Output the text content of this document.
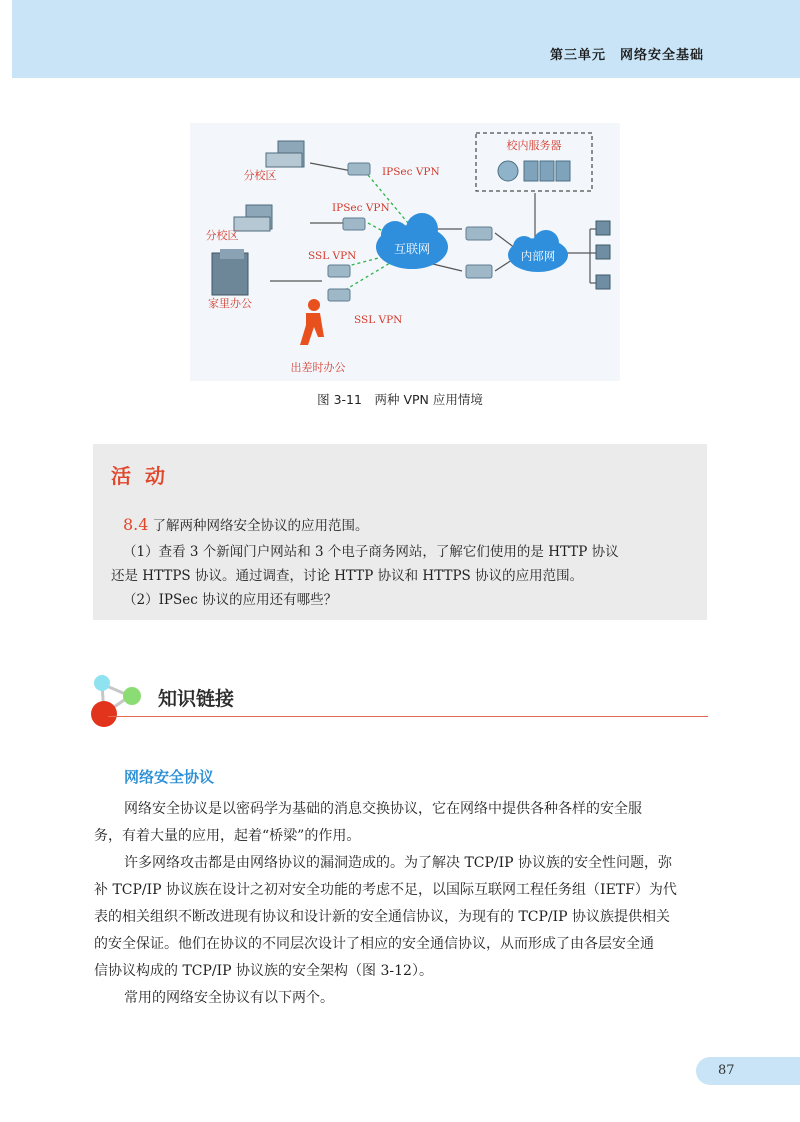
第三单元 网络安全基础
互联网	内部网
校内服务器
分校区
分校区
家里办公
出差时办公
IPSec VPN
IPSec VPN
SSL VPN
SSL VPN
图 3-11　两种 VPN 应用情境
活动
8.4 了解两种网络安全协议的应用范围。
（1）查看 3 个新闻门户网站和 3 个电子商务网站，了解它们使用的是 HTTP 协议
还是 HTTPS 协议。通过调查，讨论 HTTP 协议和 HTTPS 协议的应用范围。
（2）IPSec 协议的应用还有哪些？
知识链接
网络安全协议
网络安全协议是以密码学为基础的消息交换协议，它在网络中提供各种各样的安全服
务，有着大量的应用，起着“桥梁”的作用。
许多网络攻击都是由网络协议的漏洞造成的。为了解决 TCP/IP 协议族的安全性问题，弥
补 TCP/IP 协议族在设计之初对安全功能的考虑不足，以国际互联网工程任务组（IETF）为代
表的相关组织不断改进现有协议和设计新的安全通信协议，为现有的 TCP/IP 协议族提供相关
的安全保证。他们在协议的不同层次设计了相应的安全通信协议，从而形成了由各层安全通
信协议构成的 TCP/IP 协议族的安全架构（图 3-12）。
常用的网络安全协议有以下两个。
87
